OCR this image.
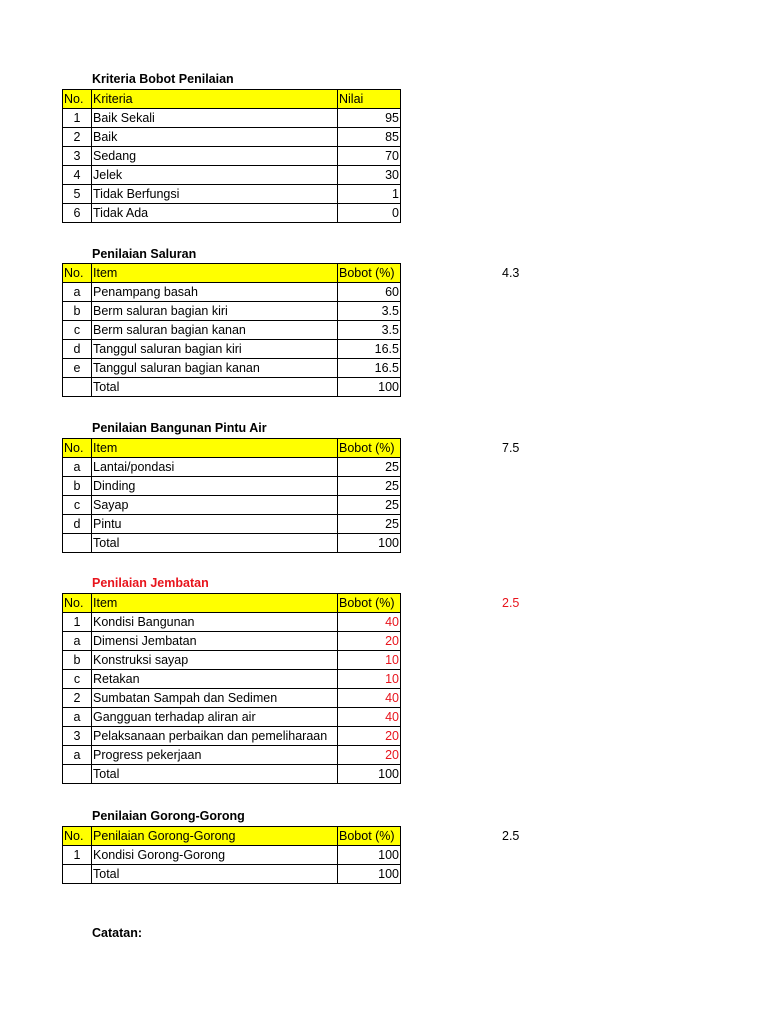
Kriteria Bobot Penilaian
No.	Kriteria	Nilai
1	Baik Sekali	95
2	Baik	85
3	Sedang	70
4	Jelek	30
5	Tidak Berfungsi	1
6	Tidak Ada	0
Penilaian Saluran
4.3
No.	Item	Bobot (%)
a	Penampang basah	60
b	Berm saluran bagian kiri	3.5
c	Berm saluran bagian kanan	3.5
d	Tanggul saluran bagian kiri	16.5
e	Tanggul saluran bagian kanan	16.5
	Total	100
Penilaian Bangunan Pintu Air
7.5
No.	Item	Bobot (%)
a	Lantai/pondasi	25
b	Dinding	25
c	Sayap	25
d	Pintu	25
	Total	100
Penilaian Jembatan
2.5
No.	Item	Bobot (%)
1	Kondisi Bangunan	40
a	Dimensi Jembatan	20
b	Konstruksi sayap	10
c	Retakan	10
2	Sumbatan Sampah dan Sedimen	40
a	Gangguan terhadap aliran air	40
3	Pelaksanaan perbaikan dan pemeliharaan	20
a	Progress pekerjaan	20
	Total	100
Penilaian Gorong-Gorong
2.5
No.	Penilaian Gorong-Gorong	Bobot (%)
1	Kondisi Gorong-Gorong	100
	Total	100
Catatan:
